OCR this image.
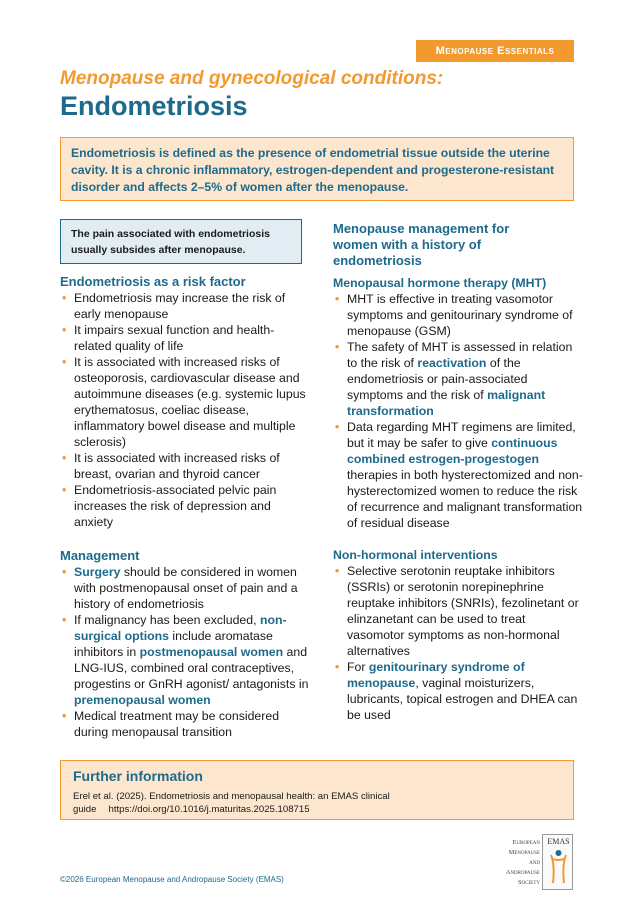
Menopause Essentials
Menopause and gynecological conditions:
Endometriosis
Endometriosis is defined as the presence of endometrial tissue outside the uterine cavity. It is a chronic inflammatory, estrogen-dependent and progesterone-resistant disorder and affects 2–5% of women after the menopause.
The pain associated with endometriosis usually subsides after menopause.
Endometriosis as a risk factor
• Endometriosis may increase the risk of early menopause
• It impairs sexual function and health-related quality of life
• It is associated with increased risks of osteoporosis, cardiovascular disease and autoimmune diseases (e.g. systemic lupus erythematosus, coeliac disease, inflammatory bowel disease and multiple sclerosis)
• It is associated with increased risks of breast, ovarian and thyroid cancer
• Endometriosis-associated pelvic pain increases the risk of depression and anxiety
Management
• Surgery should be considered in women with postmenopausal onset of pain and a history of endometriosis
• If malignancy has been excluded, non-surgical options include aromatase inhibitors in postmenopausal women and LNG-IUS, combined oral contraceptives, progestins or GnRH agonist/ antagonists in premenopausal women
• Medical treatment may be considered during menopausal transition
Menopause management for women with a history of endometriosis
Menopausal hormone therapy (MHT)
• MHT is effective in treating vasomotor symptoms and genitourinary syndrome of menopause (GSM)
• The safety of MHT is assessed in relation to the risk of reactivation of the endometriosis or pain-associated symptoms and the risk of malignant transformation
• Data regarding MHT regimens are limited, but it may be safer to give continuous combined estrogen-progestogen therapies in both hysterectomized and non-hysterectomized women to reduce the risk of recurrence and malignant transformation of residual disease
Non-hormonal interventions
• Selective serotonin reuptake inhibitors (SSRIs) or serotonin norepinephrine reuptake inhibitors (SNRIs), fezolinetant or elinzanetant can be used to treat vasomotor symptoms as non-hormonal alternatives
• For genitourinary syndrome of menopause, vaginal moisturizers, lubricants, topical estrogen and DHEA can be used
Further information
Erel et al. (2025). Endometriosis and menopausal health: an EMAS clinical guide https://doi.org/10.1016/j.maturitas.2025.108715
©2026 European Menopause and Andropause Society (EMAS)
European
Menopause
and
Andropause
Society
EMAS
